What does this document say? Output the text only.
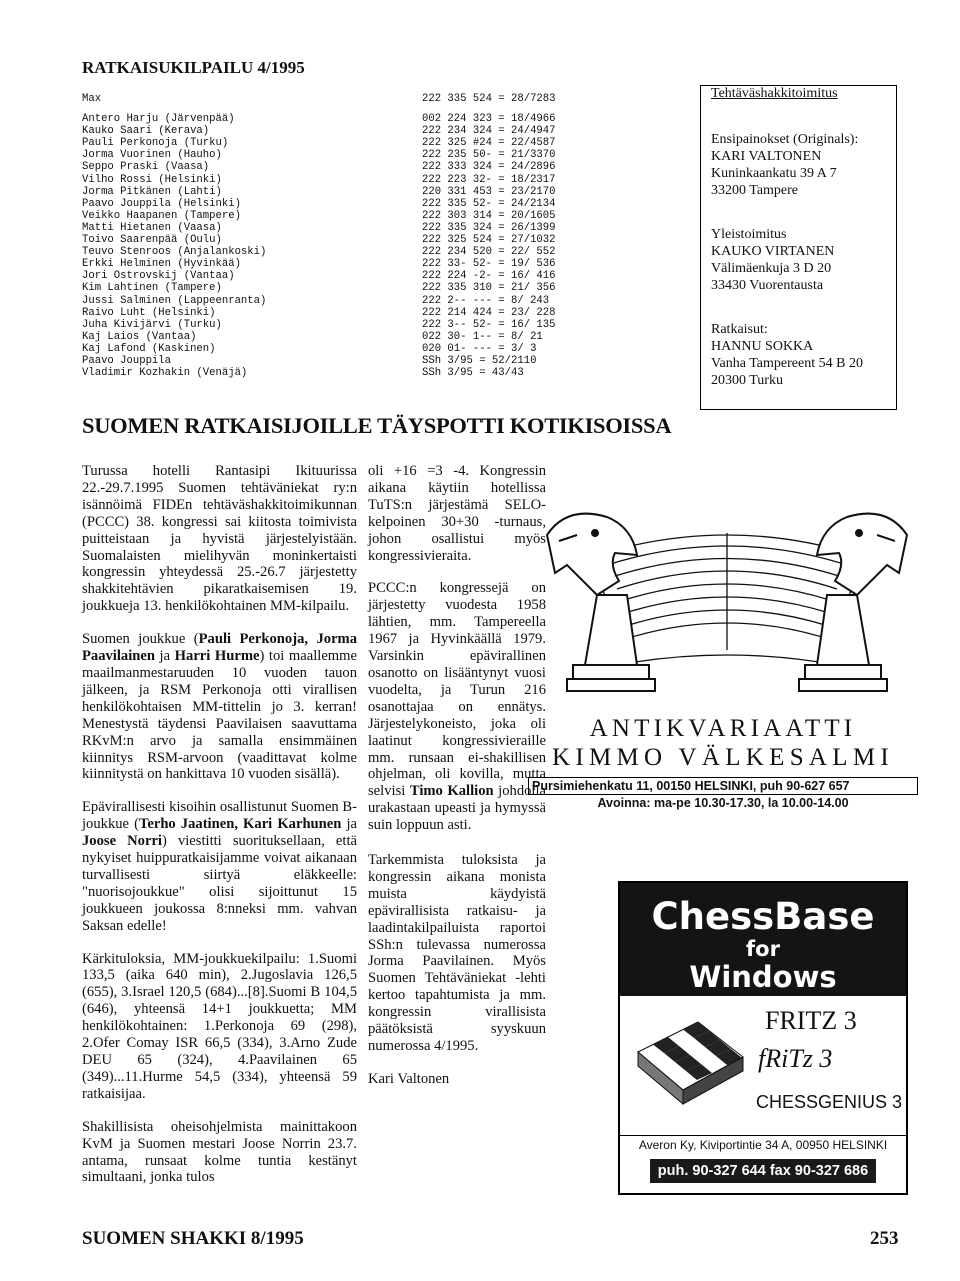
RATKAISUKILPAILU 4/1995
Max	222 335 524 = 28/7283
Antero Harju (Järvenpää)	002 224 323 = 18/4966
Kauko Saari (Kerava)	222 234 324 = 24/4947
Pauli Perkonoja (Turku)	222 325 #24 = 22/4587
Jorma Vuorinen (Hauho)	222 235 50- = 21/3370
Seppo Praski (Vaasa)	222 333 324 = 24/2896
Vilho Rossi (Helsinki)	222 223 32- = 18/2317
Jorma Pitkänen (Lahti)	220 331 453 = 23/2170
Paavo Jouppila (Helsinki)	222 335 52- = 24/2134
Veikko Haapanen (Tampere)	222 303 314 = 20/1605
Matti Hietanen (Vaasa)	222 335 324 = 26/1399
Toivo Saarenpää (Oulu)	222 325 524 = 27/1032
Teuvo Stenroos (Anjalankoski)	222 234 520 = 22/ 552
Erkki Helminen (Hyvinkää)	222 33- 52- = 19/ 536
Jori Ostrovskij (Vantaa)	222 224 -2- = 16/ 416
Kim Lahtinen (Tampere)	222 335 310 = 21/ 356
Jussi Salminen (Lappeenranta)	222 2-- --- = 8/ 243
Raivo Luht (Helsinki)	222 214 424 = 23/ 228
Juha Kivijärvi (Turku)	222 3-- 52- = 16/ 135
Kaj Laios (Vantaa)	022 30- 1-- = 8/ 21
Kaj Lafond (Kaskinen)	020 01- --- = 3/ 3
Paavo Jouppila	SSh 3/95 = 52/2110
Vladimir Kozhakin (Venäjä)	SSh 3/95 = 43/43
Tehtäväshakkitoimitus
Ensipainokset (Originals):
KARI VALTONEN
Kuninkaankatu 39 A 7
33200 Tampere
Yleistoimitus
KAUKO VIRTANEN
Välimäenkuja 3 D 20
33430 Vuorentausta
Ratkaisut:
HANNU SOKKA
Vanha Tampereent 54 B 20
20300 Turku
SUOMEN RATKAISIJOILLE TÄYSPOTTI KOTIKISOISSA

Turussa hotelli Rantasipi Ikituurissa 22.-29.7.1995 Suomen tehtäväniekat ry:n isännöimä FIDEn tehtäväshakkitoimikunnan (PCCC) 38. kongressi sai kiitosta toimivista puitteistaan ja hyvistä järjestelyistään. Suomalaisten mielihyvän moninkertaisti kongressin yhteydessä 25.-26.7 järjestetty shakkitehtävien pikaratkaisemisen 19. joukkueja 13. henkilökohtainen MM-kilpailu.

Suomen joukkue (Pauli Perkonoja, Jorma Paavilainen ja Harri Hurme) toi maallemme maailmanmestaruuden 10 vuoden tauon jälkeen, ja RSM Perkonoja otti virallisen henkilökohtaisen MM-tittelin jo 3. kerran! Menestystä täydensi Paavilaisen saavuttama RKvM:n arvo ja samalla ensimmäinen kiinnitys RSM-arvoon (vaadittavat kolme kiinnitystä on hankittava 10 vuoden sisällä).

Epävirallisesti kisoihin osallistunut Suomen B-joukkue (Terho Jaatinen, Kari Karhunen ja Joose Norri) viestitti suorituksellaan, että nykyiset huippuratkaisijamme voivat aikanaan turvallisesti siirtyä eläkkeelle: "nuorisojoukkue" olisi sijoittunut 15 joukkueen joukossa 8:nneksi mm. vahvan Saksan edelle!

Kärkituloksia, MM-joukkuekilpailu: 1.Suomi 133,5 (aika 640 min), 2.Jugoslavia 126,5 (655), 3.Israel 120,5 (684)...[8].Suomi B 104,5 (646), yhteensä 14+1 joukkuetta; MM henkilökohtainen: 1.Perkonoja 69 (298), 2.Ofer Comay ISR 66,5 (334), 3.Arno Zude DEU 65 (324), 4.Paavilainen 65 (349)...11.Hurme 54,5 (334), yhteensä 59 ratkaisijaa.

Shakillisista oheisohjelmista mainittakoon KvM ja Suomen mestari Joose Norrin 23.7. antama, runsaat kolme tuntia kestänyt simultaani, jonka tulos

oli +16 =3 -4. Kongressin aikana käytiin hotellissa TuTS:n järjestämä SELO-kelpoinen 30+30 -turnaus, johon osallistui myös kongressivieraita.

PCCC:n kongressejä on järjestetty vuodesta 1958 lähtien, mm. Tampereella 1967 ja Hyvinkäällä 1979. Varsinkin epävirallinen osanotto on lisääntynyt vuosi vuodelta, ja Turun 216 osanottajaa on ennätys. Järjestelykoneisto, joka oli laatinut kongressivieraille mm. runsaan ei-shakillisen ohjelman, oli kovilla, mutta selvisi Timo Kallion johdolla urakastaan upeasti ja hymyssä suin loppuun asti.

Tarkemmista tuloksista ja kongressin aikana monista muista käydyistä epävirallisista ratkaisu- ja laadintakilpailuista raportoi SSh:n tulevassa numerossa Jorma Paavilainen. Myös Suomen Tehtäväniekat -lehti kertoo tapahtumista ja mm. kongressin virallisista päätöksistä syyskuun numerossa 4/1995.

Kari Valtonen

ANTIKVARIAATTI
KIMMO VÄLKESALMI
Pursimiehenkatu 11, 00150 HELSINKI, puh 90-627 657
Avoinna: ma-pe 10.30-17.30, la 10.00-14.00
ChessBase
for
Windows
FRITZ 3
fRiTz 3
CHESSGENIUS 3
Averon Ky, Kiviportintie 34 A, 00950 HELSINKI
puh. 90-327 644 fax 90-327 686
SUOMEN SHAKKI 8/1995	253
